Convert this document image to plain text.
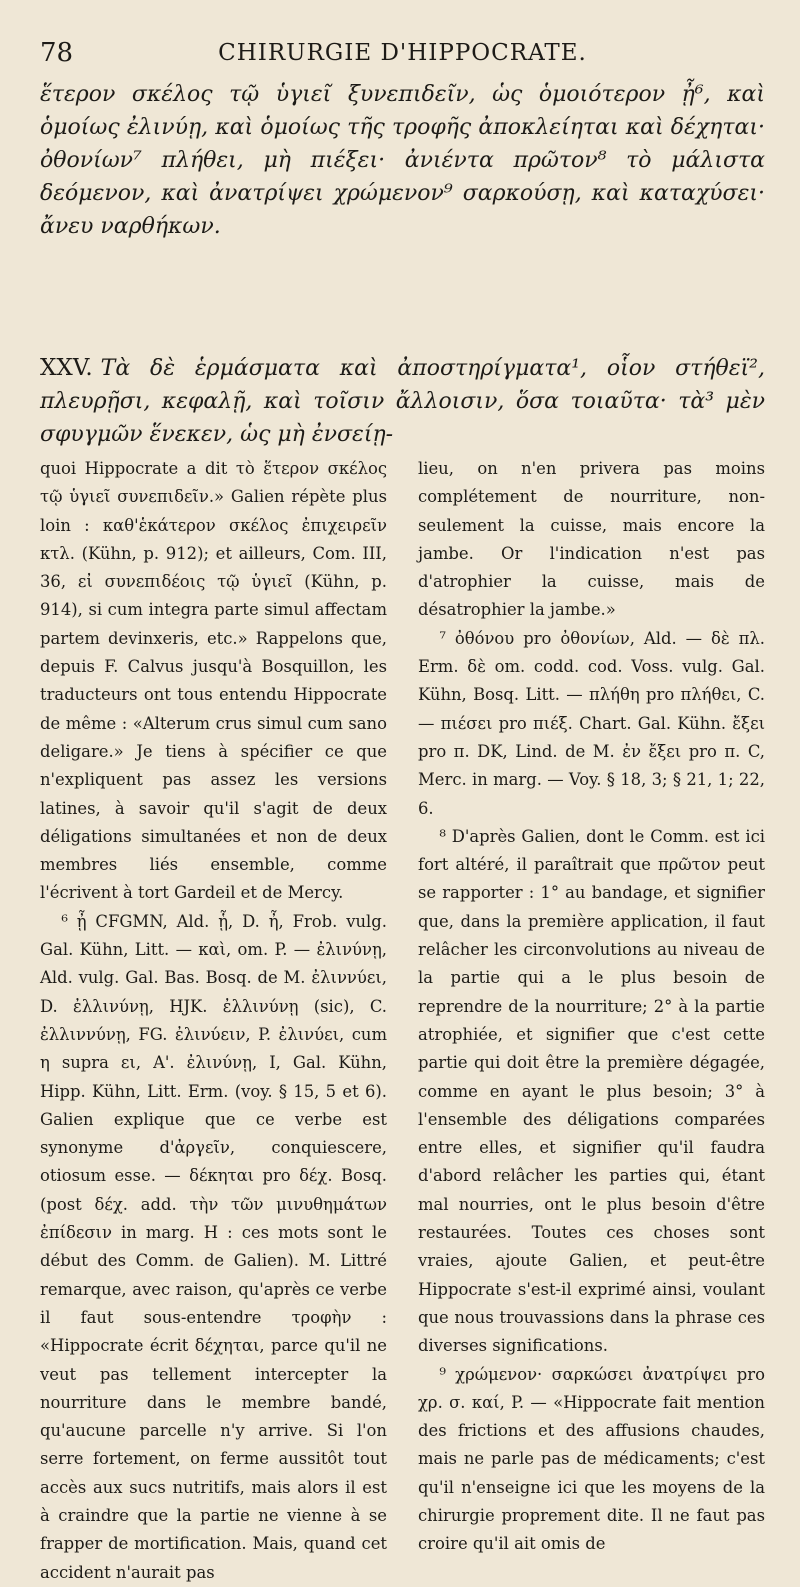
78	CHIRURGIE D'HIPPOCRATE.
ἕτερον σκέλος τῷ ὑγιεῖ ξυνεπιδεῖν, ὡς ὁμοιότερον ᾖ⁶, καὶ ὁμοίως ἐλινύῃ, καὶ ὁμοίως τῆς τροφῆς ἀποκλείηται καὶ δέχηται· ὀθονίων⁷ πλήθει, μὴ πιέξει· ἀνιέντα πρῶτον⁸ τὸ μάλιστα δεόμενον, καὶ ἀνατρίψει χρώμενον⁹ σαρκούσῃ, καὶ καταχύσει· ἄνευ ναρθήκων.
XXV. Τὰ δὲ ἑρμάσματα καὶ ἀποστηρίγματα¹, οἷον στήθεϊ², πλευρῇσι, κεφαλῇ, καὶ τοῖσιν ἄλλοισιν, ὅσα τοιαῦτα· τὰ³ μὲν σφυγμῶν ἕνεκεν, ὡς μὴ ἐνσείῃ-

quoi Hippocrate a dit τὸ ἕτερον σκέλος τῷ ὑγιεῖ συνεπιδεῖν.» Galien répète plus loin : καθ'ἑκάτερον σκέλος ἐπιχειρεῖν κτλ. (Kühn, p. 912); et ailleurs, Com. III, 36, εἰ συνεπιδέοις τῷ ὑγιεῖ (Kühn, p. 914), si cum integra parte simul affectam partem devinxeris, etc.» Rappelons que, depuis F. Calvus jusqu'à Bosquillon, les traducteurs ont tous entendu Hippocrate de même : «Alterum crus simul cum sano deligare.» Je tiens à spécifier ce que n'expliquent pas assez les versions latines, à savoir qu'il s'agit de deux déligations simultanées et non de deux membres liés ensemble, comme l'écrivent à tort Gardeil et de Mercy.

⁶ ᾖ CFGMN, Ald. ᾗ, D. ἦ, Frob. vulg. Gal. Kühn, Litt. — καὶ, om. P. — ἐλινύνῃ, Ald. vulg. Gal. Bas. Bosq. de M. ἐλιννύει, D. ἐλλινύνῃ, HJK. ἐλλινύνῃ (sic), C. ἐλλιννύνῃ, FG. ἐλινύειν, P. ἐλινύει, cum η supra ει, A'. ἐλινύνῃ, I, Gal. Kühn, Hipp. Kühn, Litt. Erm. (voy. § 15, 5 et 6). Galien explique que ce verbe est synonyme d'ἀργεῖν, conquiescere, otiosum esse. — δέκηται pro δέχ. Bosq. (post δέχ. add. τὴν τῶν μινυθημάτων ἐπίδεσιν in marg. H : ces mots sont le début des Comm. de Galien). M. Littré remarque, avec raison, qu'après ce verbe il faut sous-entendre τροφὴν : «Hippocrate écrit δέχηται, parce qu'il ne veut pas tellement intercepter la nourriture dans le membre bandé, qu'aucune parcelle n'y arrive. Si l'on serre fortement, on ferme aussitôt tout accès aux sucs nutritifs, mais alors il est à craindre que la partie ne vienne à se frapper de mortification. Mais, quand cet accident n'aurait pas

lieu, on n'en privera pas moins complétement de nourriture, non-seulement la cuisse, mais encore la jambe. Or l'indication n'est pas d'atrophier la cuisse, mais de désatrophier la jambe.»

⁷ ὀθόνου pro ὀθονίων, Ald. — δὲ πλ. Erm. δὲ om. codd. cod. Voss. vulg. Gal. Kühn, Bosq. Litt. — πλήθη pro πλήθει, C. — πιέσει pro πιέξ. Chart. Gal. Kühn. ἔξει pro π. DK, Lind. de M. ἐν ἔξει pro π. C, Merc. in marg. — Voy. § 18, 3; § 21, 1; 22, 6.

⁸ D'après Galien, dont le Comm. est ici fort altéré, il paraîtrait que πρῶτον peut se rapporter : 1° au bandage, et signifier que, dans la première application, il faut relâcher les circonvolutions au niveau de la partie qui a le plus besoin de reprendre de la nourriture; 2° à la partie atrophiée, et signifier que c'est cette partie qui doit être la première dégagée, comme en ayant le plus besoin; 3° à l'ensemble des déligations comparées entre elles, et signifier qu'il faudra d'abord relâcher les parties qui, étant mal nourries, ont le plus besoin d'être restaurées. Toutes ces choses sont vraies, ajoute Galien, et peut-être Hippocrate s'est-il exprimé ainsi, voulant que nous trouvassions dans la phrase ces diverses significations.

⁹ χρώμενον· σαρκώσει ἀνατρίψει pro χρ. σ. καί, P. — «Hippocrate fait mention des frictions et des affusions chaudes, mais ne parle pas de médicaments; c'est qu'il n'enseigne ici que les moyens de la chirurgie proprement dite. Il ne faut pas croire qu'il ait omis de
